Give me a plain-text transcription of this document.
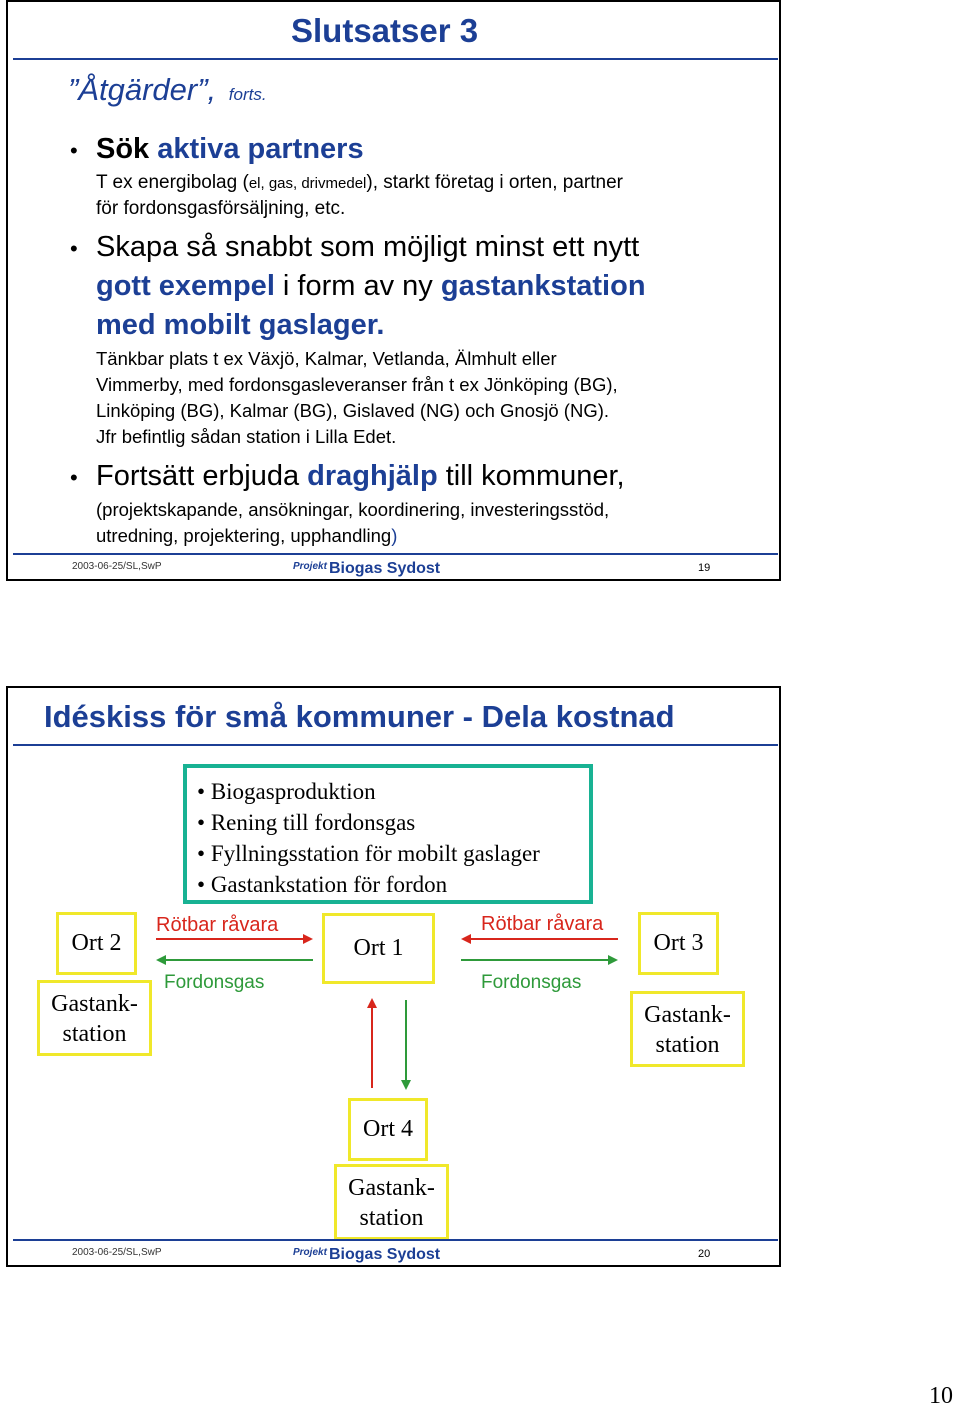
Slutsatser 3
”Åtgärder”, forts.
• Sök aktiva partners
T ex energibolag (el, gas, drivmedel), starkt företag i orten, partner
för fordonsgasförsäljning, etc.
• Skapa så snabbt som möjligt minst ett nytt
gott exempel i form av ny gastankstation
med mobilt gaslager.
Tänkbar plats t ex Växjö, Kalmar, Vetlanda, Älmhult eller
Vimmerby, med fordonsgasleveranser från t ex Jönköping (BG),
Linköping (BG), Kalmar (BG), Gislaved (NG) och Gnosjö (NG).
Jfr befintlig sådan station i Lilla Edet.
• Fortsätt erbjuda draghjälp till kommuner,
(projektskapande, ansökningar, koordinering, investeringsstöd,
utredning, projektering, upphandling)
2003-06-25/SL,SwP	Projekt Biogas Sydost	19
Idéskiss för små kommuner - Dela kostnad
• Biogasproduktion
• Rening till fordonsgas
• Fyllningsstation för mobilt gaslager
• Gastankstation för fordon
Ort 2	Ort 1	Ort 3
Ort 4
Gastank-
station
Gastank-
station
Gastank-
station
Rötbar råvara
Fordonsgas
Rötbar råvara
Fordonsgas
2003-06-25/SL,SwP	Projekt Biogas Sydost	20
10
